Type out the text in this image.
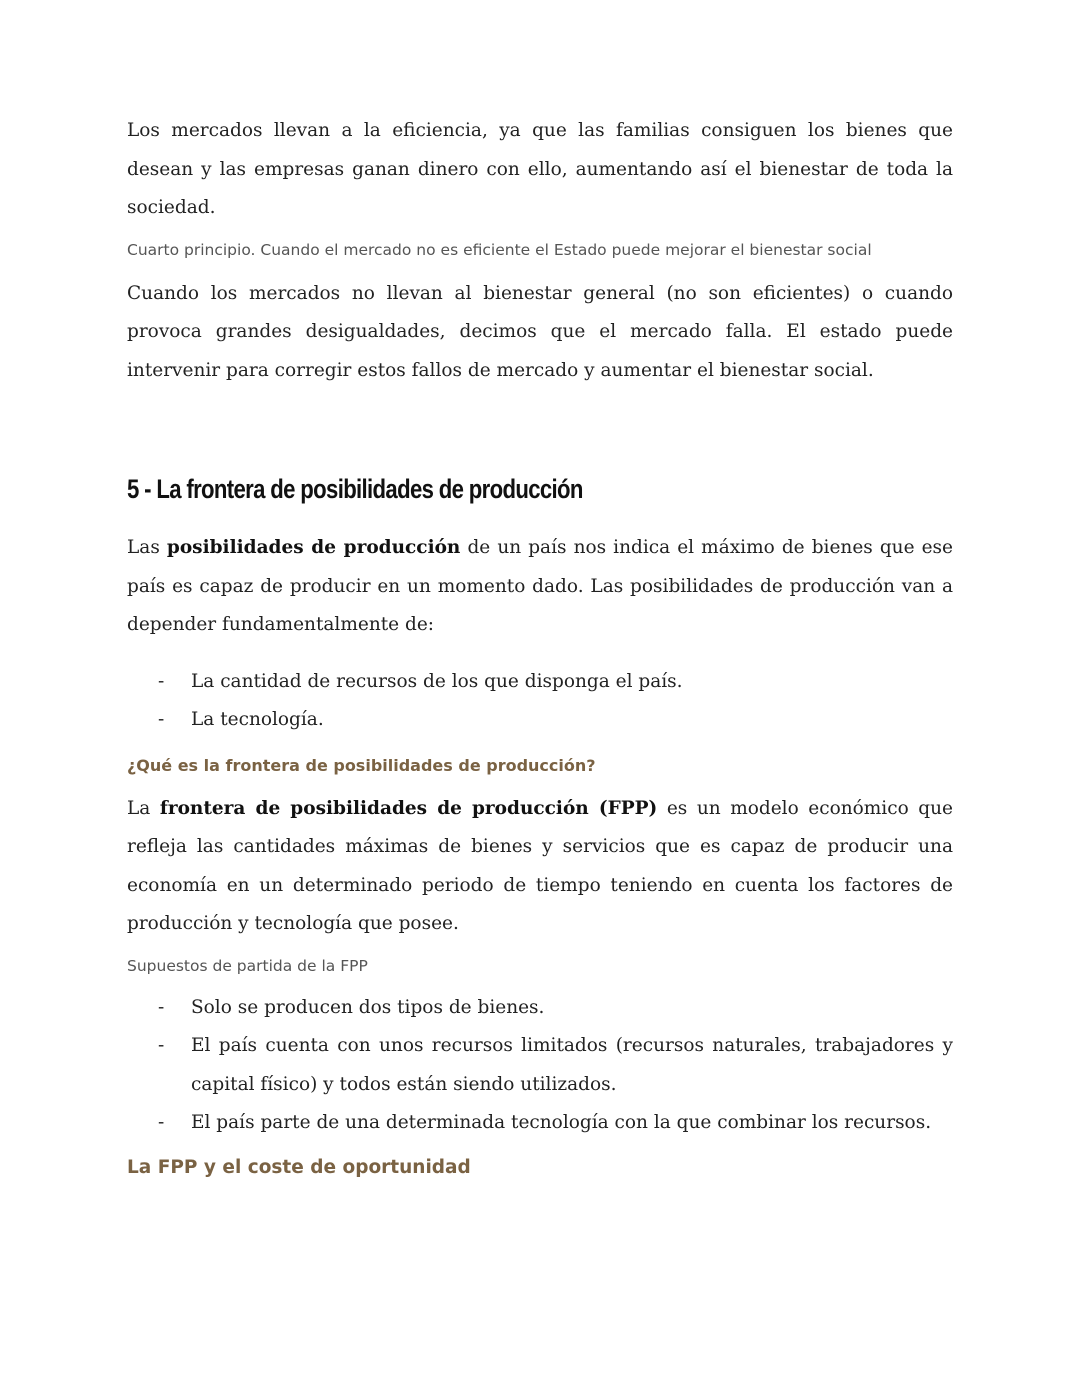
Los mercados llevan a la eficiencia, ya que las familias consiguen los bienes que desean y las empresas ganan dinero con ello, aumentando así el bienestar de toda la sociedad.

Cuarto principio. Cuando el mercado no es eficiente el Estado puede mejorar el bienestar social

Cuando los mercados no llevan al bienestar general (no son eficientes) o cuando provoca grandes desigualdades, decimos que el mercado falla. El estado puede intervenir para corregir estos fallos de mercado y aumentar el bienestar social.

5 - La frontera de posibilidades de producción

Las posibilidades de producción de un país nos indica el máximo de bienes que ese país es capaz de producir en un momento dado. Las posibilidades de producción van a depender fundamentalmente de:

- La cantidad de recursos de los que disponga el país.
- La tecnología.

¿Qué es la frontera de posibilidades de producción?

La frontera de posibilidades de producción (FPP) es un modelo económico que refleja las cantidades máximas de bienes y servicios que es capaz de producir una economía en un determinado periodo de tiempo teniendo en cuenta los factores de producción y tecnología que posee.

Supuestos de partida de la FPP

- Solo se producen dos tipos de bienes.
- El país cuenta con unos recursos limitados (recursos naturales, trabajadores y capital físico) y todos están siendo utilizados.
- El país parte de una determinada tecnología con la que combinar los recursos.

La FPP y el coste de oportunidad
